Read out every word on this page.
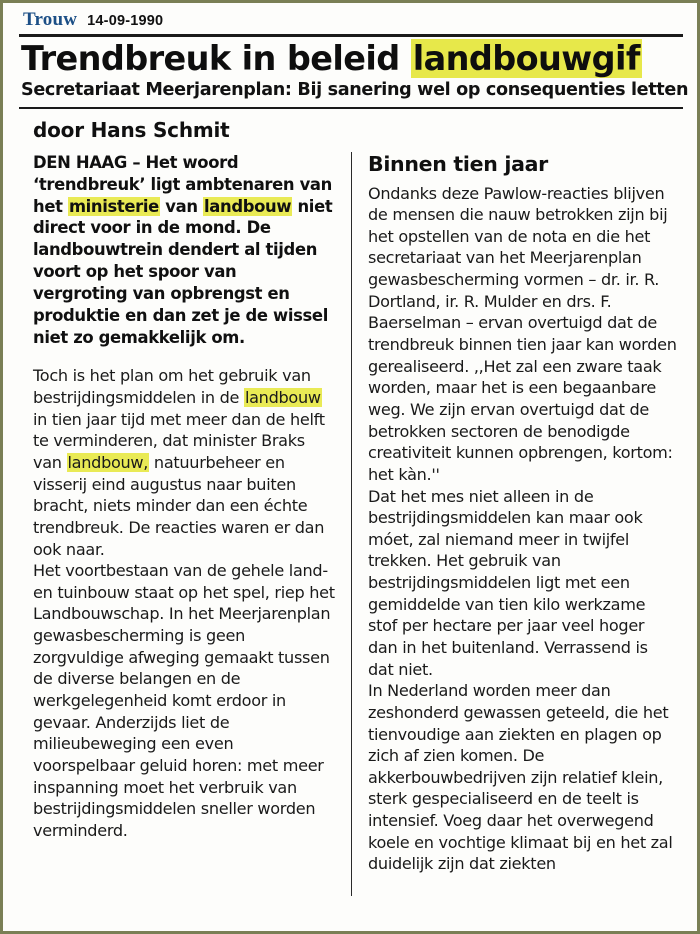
Trouw 14-09-1990
Trendbreuk in beleid landbouwgif
Secretariaat Meerjarenplan: Bij sanering wel op consequenties letten
door Hans Schmit

DEN HAAG – Het woord ‘trendbreuk’ ligt ambtenaren van het ministerie van landbouw niet direct voor in de mond. De landbouwtrein dendert al tijden voort op het spoor van vergroting van opbrengst en produktie en dan zet je de wissel niet zo gemakkelijk om.

Toch is het plan om het gebruik van bestrijdingsmiddelen in de landbouw in tien jaar tijd met meer dan de helft te verminderen, dat minister Braks van landbouw, natuurbeheer en visserij eind augustus naar buiten bracht, niets minder dan een échte trendbreuk. De reacties waren er dan ook naar.

Het voortbestaan van de gehele land- en tuinbouw staat op het spel, riep het Landbouwschap. In het Meerjarenplan gewasbescherming is geen zorgvuldige afweging gemaakt tussen de diverse belangen en de werkgelegenheid komt erdoor in gevaar. Anderzijds liet de milieubeweging een even voorspelbaar geluid horen: met meer inspanning moet het verbruik van bestrijdingsmiddelen sneller worden verminderd.

Binnen tien jaar

Ondanks deze Pawlow-reacties blijven de mensen die nauw betrokken zijn bij het opstellen van de nota en die het secretariaat van het Meerjarenplan gewasbescherming vormen – dr. ir. R. Dortland, ir. R. Mulder en drs. F. Baerselman – ervan overtuigd dat de trendbreuk binnen tien jaar kan worden gerealiseerd. ,,Het zal een zware taak worden, maar het is een begaanbare weg. We zijn ervan overtuigd dat de betrokken sectoren de benodigde creativiteit kunnen opbrengen, kortom: het kàn.''

Dat het mes niet alleen in de bestrijdingsmiddelen kan maar ook móet, zal niemand meer in twijfel trekken. Het gebruik van bestrijdingsmiddelen ligt met een gemiddelde van tien kilo werkzame stof per hectare per jaar veel hoger dan in het buitenland. Verrassend is dat niet.

In Nederland worden meer dan zeshonderd gewassen geteeld, die het tienvoudige aan ziekten en plagen op zich af zien komen. De akkerbouwbedrijven zijn relatief klein, sterk gespecialiseerd en de teelt is intensief. Voeg daar het overwegend koele en vochtige klimaat bij en het zal duidelijk zijn dat ziekten
